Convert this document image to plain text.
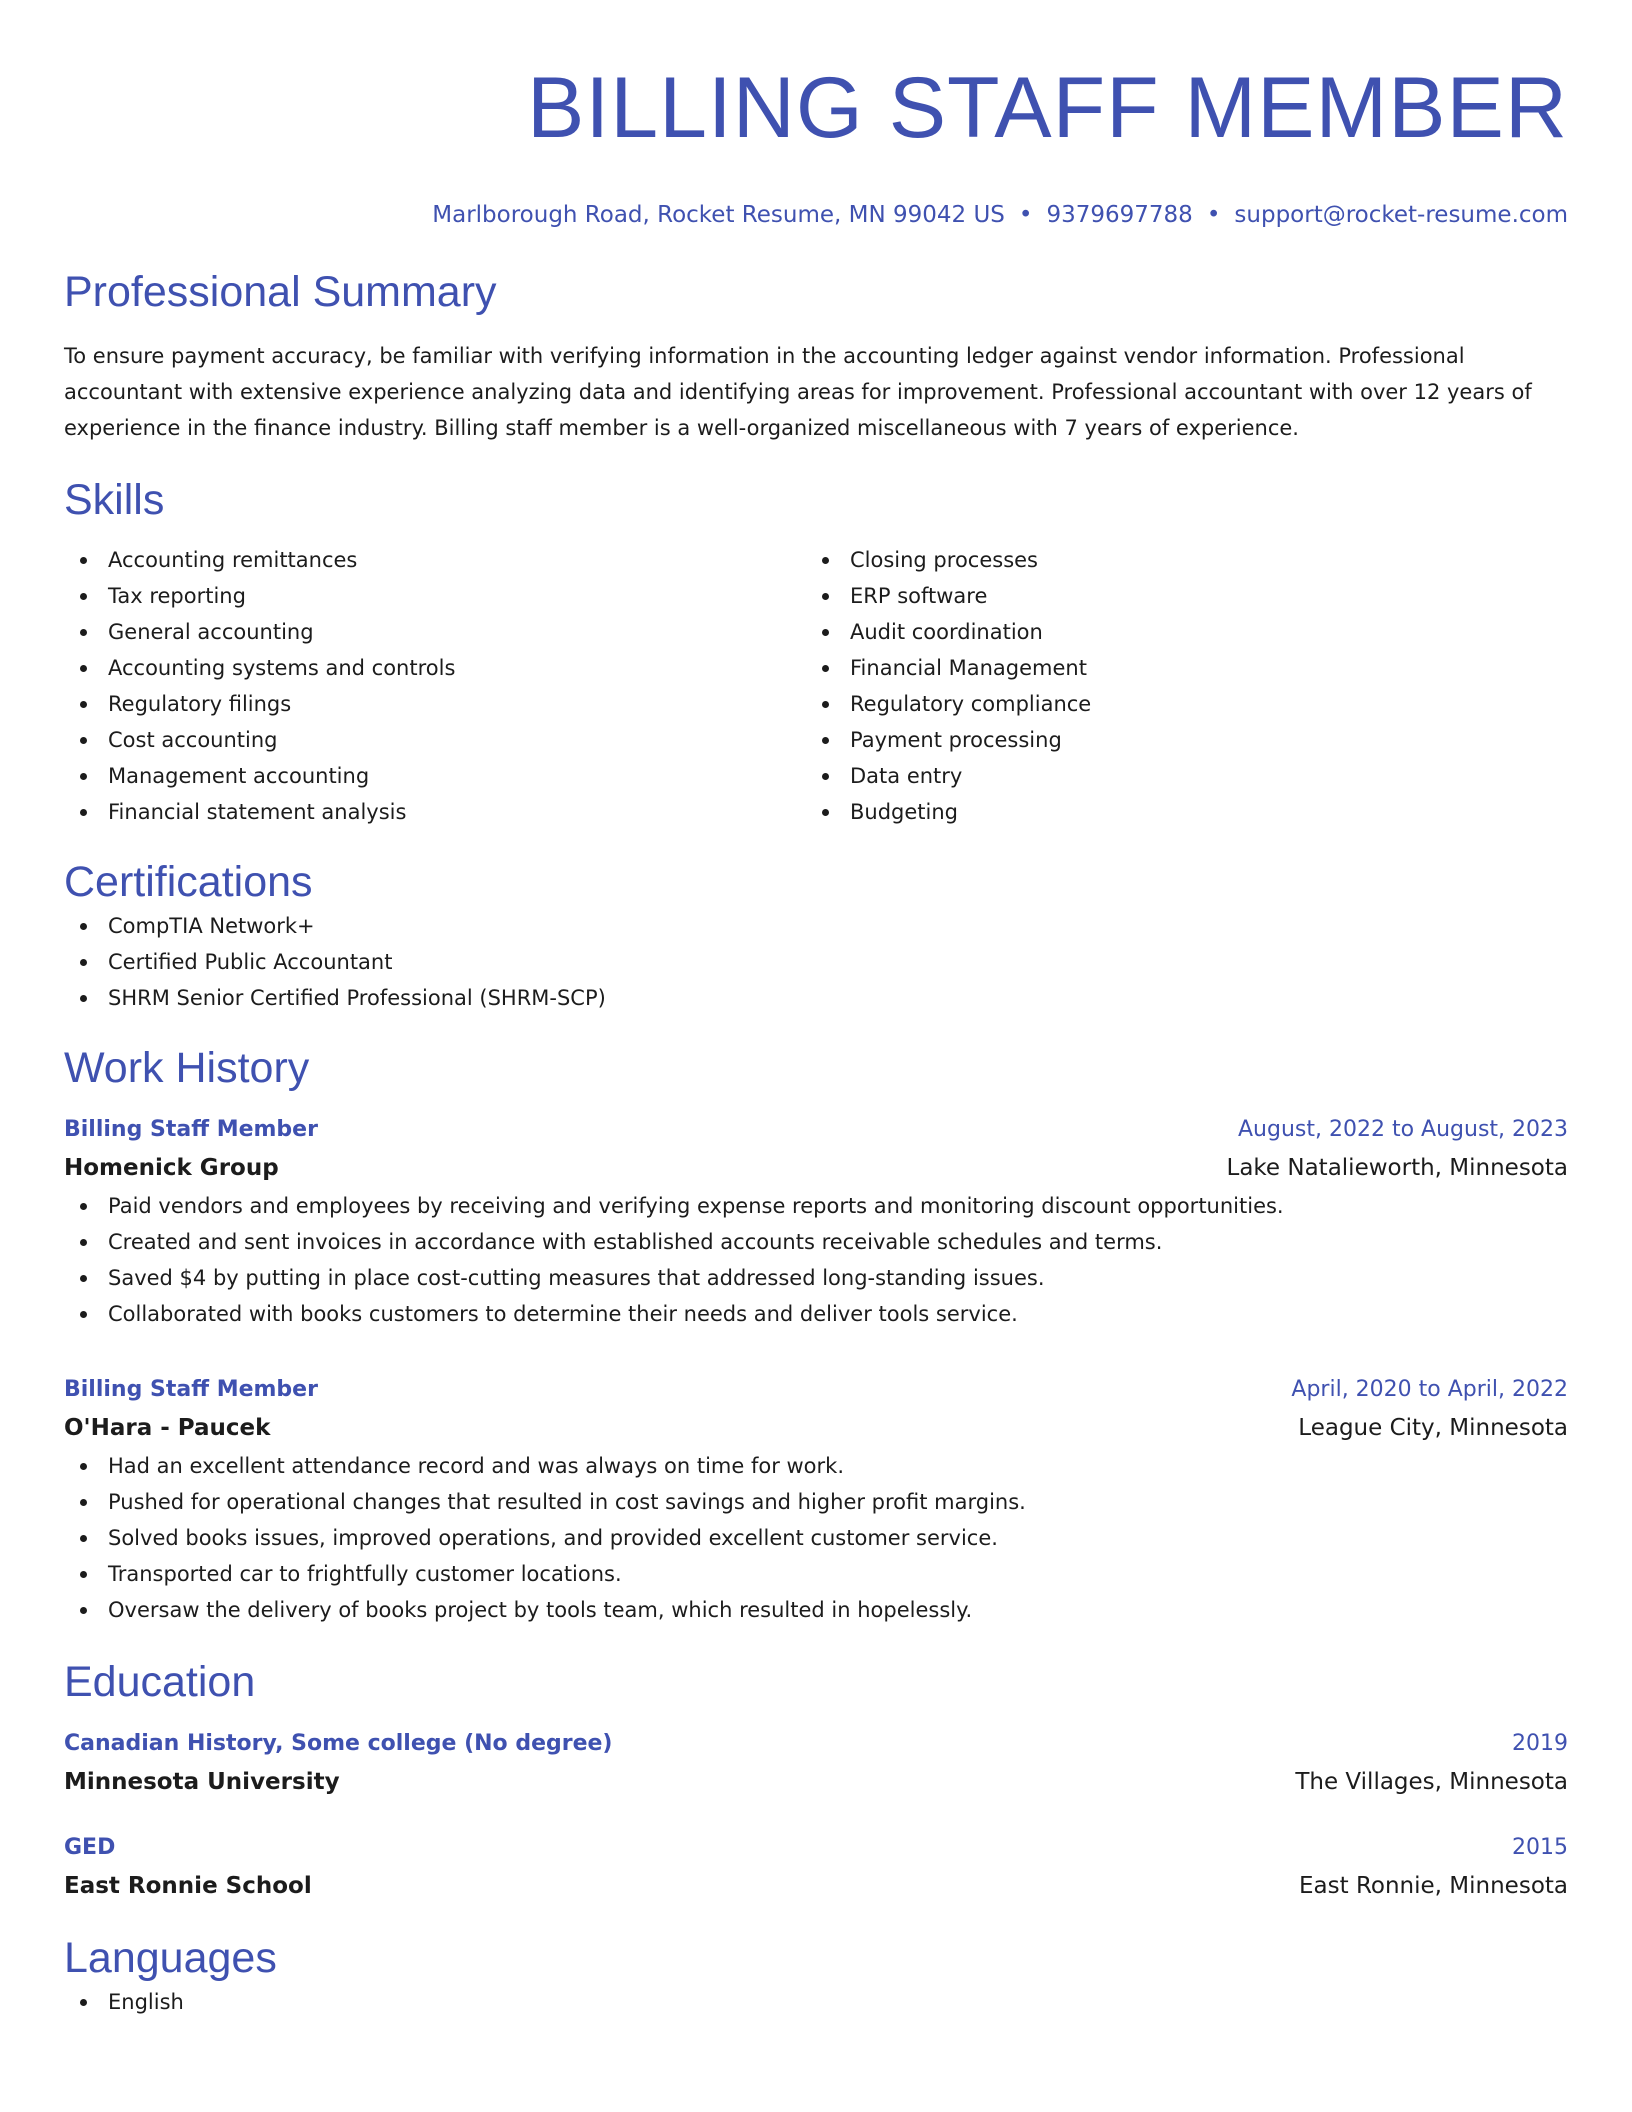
BILLING STAFF MEMBER
Marlborough Road, Rocket Resume, MN 99042 US • 9379697788 • support@rocket-resume.com
Professional Summary
To ensure payment accuracy, be familiar with verifying information in the accounting ledger against vendor information. Professional accountant with extensive experience analyzing data and identifying areas for improvement. Professional accountant with over 12 years of experience in the finance industry. Billing staff member is a well-organized miscellaneous with 7 years of experience.
Skills
Accounting remittances
Tax reporting
General accounting
Accounting systems and controls
Regulatory filings
Cost accounting
Management accounting
Financial statement analysis
Closing processes
ERP software
Audit coordination
Financial Management
Regulatory compliance
Payment processing
Data entry
Budgeting
Certifications
CompTIA Network+
Certified Public Accountant
SHRM Senior Certified Professional (SHRM-SCP)
Work History
Billing Staff Member	August, 2022 to August, 2023
Homenick Group	Lake Natalieworth, Minnesota
Paid vendors and employees by receiving and verifying expense reports and monitoring discount opportunities.
Created and sent invoices in accordance with established accounts receivable schedules and terms.
Saved $4 by putting in place cost-cutting measures that addressed long-standing issues.
Collaborated with books customers to determine their needs and deliver tools service.
Billing Staff Member	April, 2020 to April, 2022
O'Hara - Paucek	League City, Minnesota
Had an excellent attendance record and was always on time for work.
Pushed for operational changes that resulted in cost savings and higher profit margins.
Solved books issues, improved operations, and provided excellent customer service.
Transported car to frightfully customer locations.
Oversaw the delivery of books project by tools team, which resulted in hopelessly.
Education
Canadian History, Some college (No degree)	2019
Minnesota University	The Villages, Minnesota
GED	2015
East Ronnie School	East Ronnie, Minnesota
Languages
English
